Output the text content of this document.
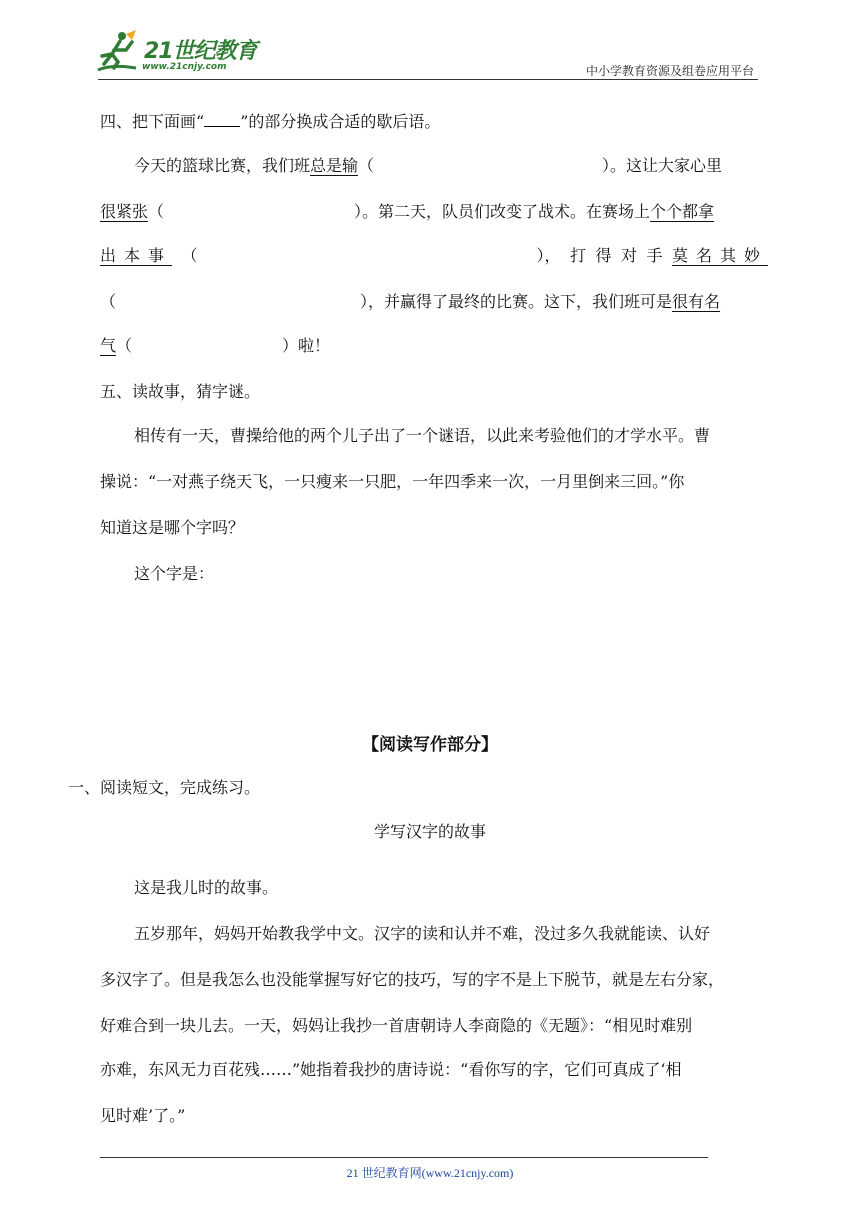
21世纪教育
www.21cnjy.com	中小学教育资源及组卷应用平台
四、把下面画“ ”的部分换成合适的歇后语。
今天的篮球比赛，我们班总是输（	）。这让大家心里
很紧张（	）。第二天，队员们改变了战术。在赛场上个个都拿
出本事 （	）， 打 得 对 手 莫名其妙
（	），并赢得了最终的比赛。这下，我们班可是很有名
气（	）啦！
五、读故事，猜字谜。
相传有一天，曹操给他的两个儿子出了一个谜语，以此来考验他们的才学水平。曹
操说：“一对燕子绕天飞，一只瘦来一只肥，一年四季来一次，一月里倒来三回。”你
知道这是哪个字吗？
这个字是：
【阅读写作部分】
一、阅读短文，完成练习。
学写汉字的故事
这是我儿时的故事。
五岁那年，妈妈开始教我学中文。汉字的读和认并不难，没过多久我就能读、认好
多汉字了。但是我怎么也没能掌握写好它的技巧，写的字不是上下脱节，就是左右分家，
好难合到一块儿去。一天，妈妈让我抄一首唐朝诗人李商隐的《无题》：“相见时难别
亦难，东风无力百花残……”她指着我抄的唐诗说：“看你写的字，它们可真成了‘相
见时难’了。”
21 世纪教育网(www.21cnjy.com)
